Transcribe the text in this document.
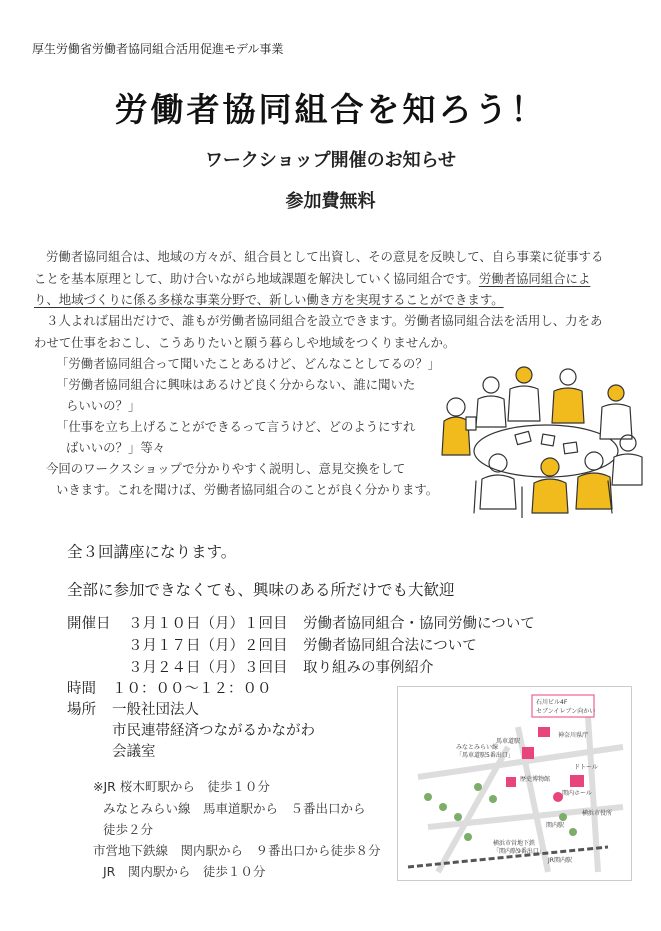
厚生労働省労働者協同組合活用促進モデル事業
労働者協同組合を知ろう！
ワークショップ開催のお知らせ
参加費無料
労働者協同組合は、地域の方々が、組合員として出資し、その意見を反映して、自ら事業に従事する
ことを基本原理として、助け合いながら地域課題を解決していく協同組合です。労働者協同組合によ
り、地域づくりに係る多様な事業分野で、新しい働き方を実現することができます。
３人よれば届出だけで、誰もが労働者協同組合を設立できます。労働者協同組合法を活用し、力をあ
わせて仕事をおこし、こうありたいと願う暮らしや地域をつくりませんか。
「労働者協同組合って聞いたことあるけど、どんなことしてるの？」
「労働者協同組合に興味はあるけど良く分からない、誰に聞いた
らいいの？」
「仕事を立ち上げることができるって言うけど、どのようにすれ
ばいいの？」等々
今回のワークスショップで分かりやすく説明し、意見交換をして
いきます。これを聞けば、労働者協同組合のことが良く分かります。
全３回講座になります。
全部に参加できなくても、興味のある所だけでも大歓迎
開催日 ３月１０日（月）１回目 労働者協同組合・協同労働について
３月１７日（月）２回目 労働者協同組合法について
３月２４日（月）３回目 取り組みの事例紹介
時間 １０：００～１２：００
場所 一般社団法人
市民連帯経済つながるかながわ
会議室
※JR 桜木町駅から　徒歩１０分
みなとみらい線　馬車道駅から　５番出口から
徒歩２分
市営地下鉄線　関内駅から　９番出口から徒歩８分
JR　関内駅から　徒歩１０分
石川ビル4F
セブンイレブン向かい
みなとみらい線
「馬車道駅5番出口」
馬車道駅
神奈川県庁
歴史博物館
ドトール
関内ホール
関内駅
横浜市役所
横浜市営地下鉄
「関内駅9番出口」
JR関内駅
